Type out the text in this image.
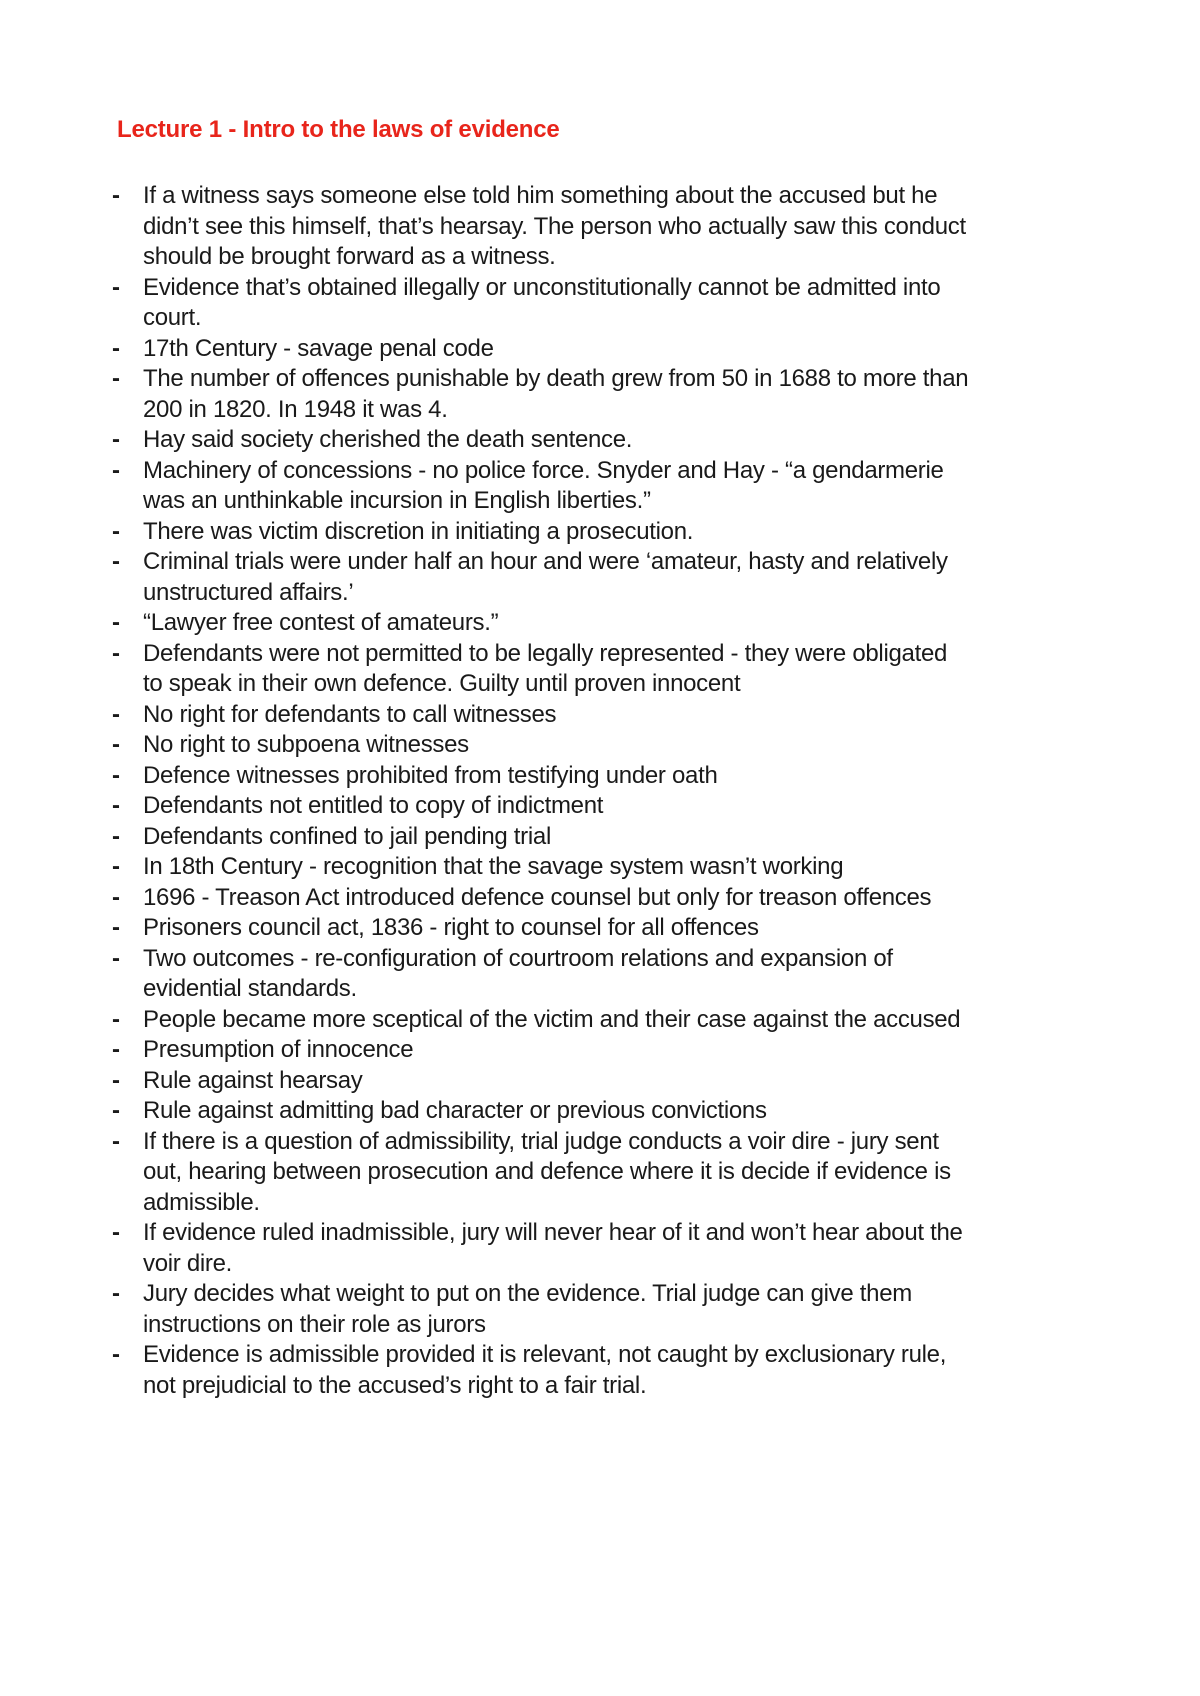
Lecture 1 - Intro to the laws of evidence
- If a witness says someone else told him something about the accused but he
didn’t see this himself, that’s hearsay. The person who actually saw this conduct
should be brought forward as a witness.
- Evidence that’s obtained illegally or unconstitutionally cannot be admitted into
court.
- 17th Century - savage penal code
- The number of offences punishable by death grew from 50 in 1688 to more than
200 in 1820. In 1948 it was 4.
- Hay said society cherished the death sentence.
- Machinery of concessions - no police force. Snyder and Hay - “a gendarmerie
was an unthinkable incursion in English liberties.”
- There was victim discretion in initiating a prosecution.
- Criminal trials were under half an hour and were ‘amateur, hasty and relatively
unstructured affairs.’
- “Lawyer free contest of amateurs.”
- Defendants were not permitted to be legally represented - they were obligated
to speak in their own defence. Guilty until proven innocent
- No right for defendants to call witnesses
- No right to subpoena witnesses
- Defence witnesses prohibited from testifying under oath
- Defendants not entitled to copy of indictment
- Defendants confined to jail pending trial
- In 18th Century - recognition that the savage system wasn’t working
- 1696 - Treason Act introduced defence counsel but only for treason offences
- Prisoners council act, 1836 - right to counsel for all offences
- Two outcomes - re-configuration of courtroom relations and expansion of
evidential standards.
- People became more sceptical of the victim and their case against the accused
- Presumption of innocence
- Rule against hearsay
- Rule against admitting bad character or previous convictions
- If there is a question of admissibility, trial judge conducts a voir dire - jury sent
out, hearing between prosecution and defence where it is decide if evidence is
admissible.
- If evidence ruled inadmissible, jury will never hear of it and won’t hear about the
voir dire.
- Jury decides what weight to put on the evidence. Trial judge can give them
instructions on their role as jurors
- Evidence is admissible provided it is relevant, not caught by exclusionary rule,
not prejudicial to the accused’s right to a fair trial.
